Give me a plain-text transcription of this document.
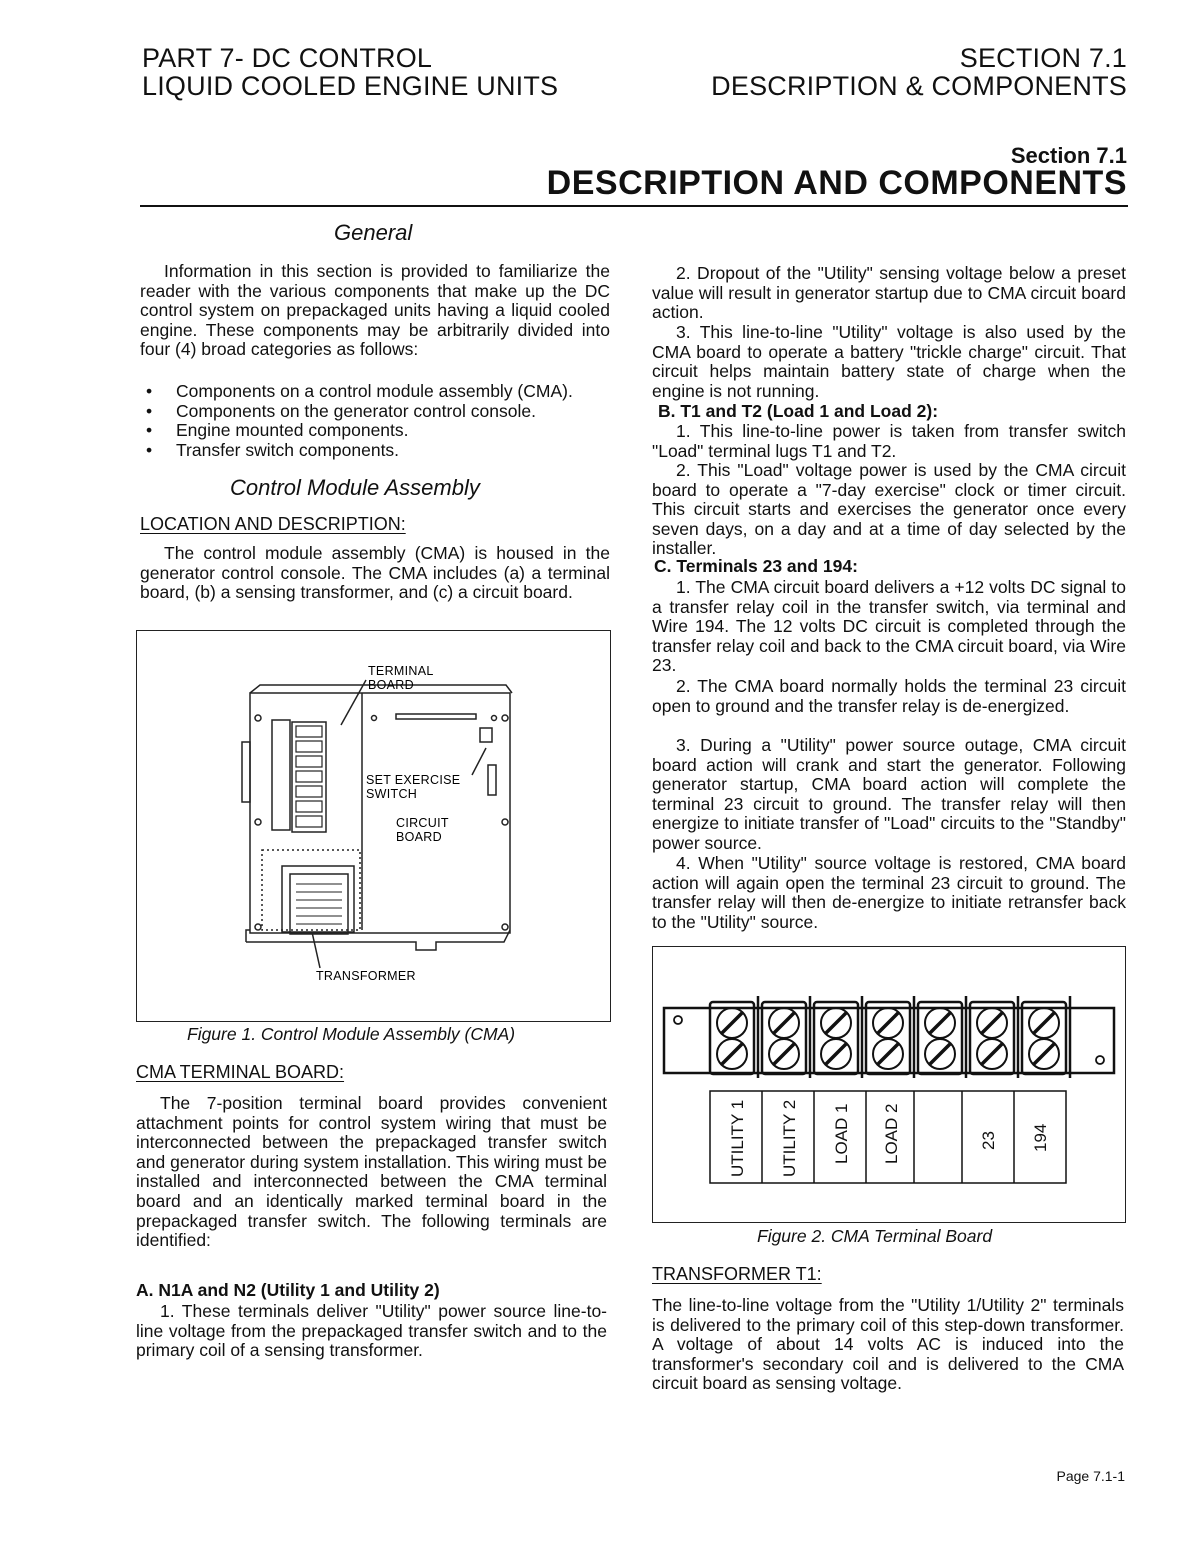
PART 7- DC CONTROL
LIQUID COOLED ENGINE UNITS
SECTION 7.1
DESCRIPTION & COMPONENTS
Section 7.1
DESCRIPTION AND COMPONENTS
General

Information in this section is provided to familiarize the reader with the various components that make up the DC control system on prepackaged units having a liquid cooled engine. These components may be arbitrarily divided into four (4) broad categories as follows:

• Components on a control module assembly (CMA).
• Components on the generator control console.
• Engine mounted components.
• Transfer switch components.
Control Module Assembly
LOCATION AND DESCRIPTION:

The control module assembly (CMA) is housed in the generator control console. The CMA includes (a) a terminal board, (b) a sensing transformer, and (c) a circuit board.

TERMINAL BOARD
SET EXERCISE SWITCH
CIRCUIT BOARD
TRANSFORMER
Figure 1. Control Module Assembly (CMA)
CMA TERMINAL BOARD:

The 7-position terminal board provides convenient attachment points for control system wiring that must be interconnected between the prepackaged transfer switch and generator during system installation. This wiring must be installed and interconnected between the CMA terminal board and an identically marked terminal board in the prepackaged transfer switch. The following terminals are identified:

A. N1A and N2 (Utility 1 and Utility 2)

1. These terminals deliver "Utility" power source line-to-line voltage from the prepackaged transfer switch and to the primary coil of a sensing transformer.

2. Dropout of the "Utility" sensing voltage below a preset value will result in generator startup due to CMA circuit board action.

3. This line-to-line "Utility" voltage is also used by the CMA board to operate a battery "trickle charge" circuit. That circuit helps maintain battery state of charge when the engine is not running.

B. T1 and T2 (Load 1 and Load 2):

1. This line-to-line power is taken from transfer switch "Load" terminal lugs T1 and T2.

2. This "Load" voltage power is used by the CMA circuit board to operate a "7-day exercise" clock or timer circuit. This circuit starts and exercises the generator once every seven days, on a day and at a time of day selected by the installer.

C. Terminals 23 and 194:

1. The CMA circuit board delivers a +12 volts DC signal to a transfer relay coil in the transfer switch, via terminal and Wire 194. The 12 volts DC circuit is completed through the transfer relay coil and back to the CMA circuit board, via Wire 23.

2. The CMA board normally holds the terminal 23 circuit open to ground and the transfer relay is de-energized.

3. During a "Utility" power source outage, CMA circuit board action will crank and start the generator. Following generator startup, CMA board action will complete the terminal 23 circuit to ground. The transfer relay will then energize to initiate transfer of "Load" circuits to the "Standby" power source.

4. When "Utility" source voltage is restored, CMA board action will again open the terminal 23 circuit to ground. The transfer relay will then de-energize to initiate retransfer back to the "Utility" source.

UTILITY 1 UTILITY 2 LOAD 1 LOAD 2	23 194
Figure 2. CMA Terminal Board
TRANSFORMER T1:

The line-to-line voltage from the "Utility 1/Utility 2" terminals is delivered to the primary coil of this step-down transformer. A voltage of about 14 volts AC is induced into the transformer's secondary coil and is delivered to the CMA circuit board as sensing voltage.

Page 7.1-1
